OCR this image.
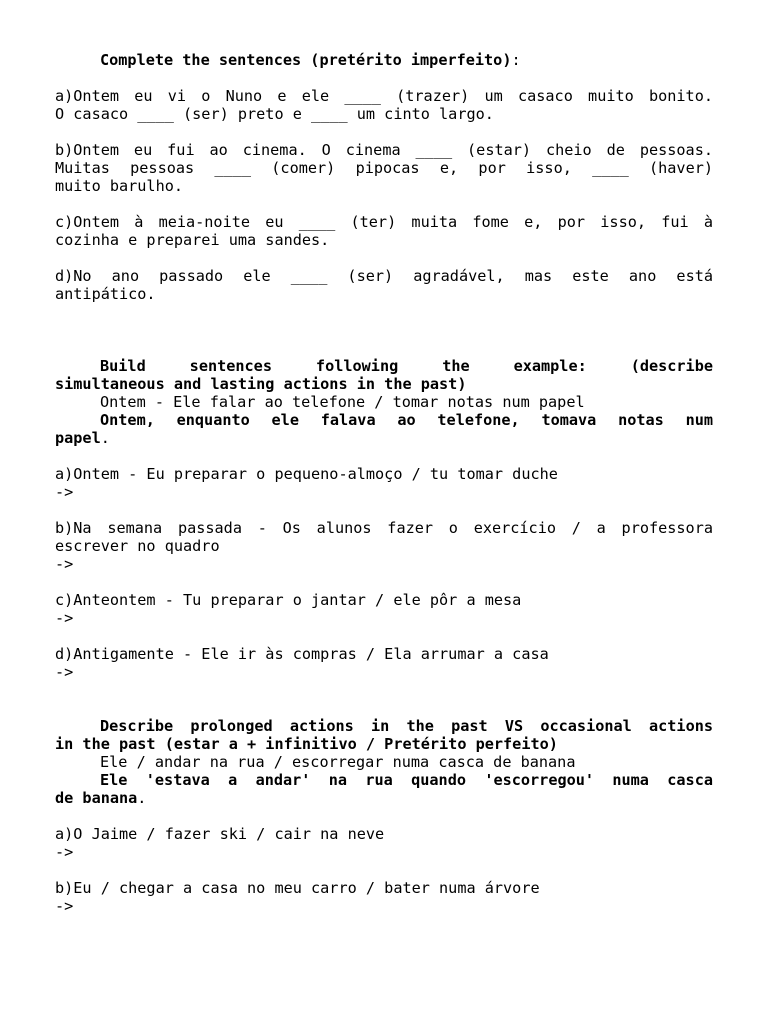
Complete the sentences (pretérito imperfeito):
a)Ontem eu vi o Nuno e ele ____ (trazer) um casaco muito bonito.
O casaco ____ (ser) preto e ____ um cinto largo.
b)Ontem eu fui ao cinema. O cinema ____ (estar) cheio de pessoas.
Muitas pessoas ____ (comer) pipocas e, por isso, ____ (haver)
muito barulho.
c)Ontem à meia-noite eu ____ (ter) muita fome e, por isso, fui à
cozinha e preparei uma sandes.
d)No ano passado ele ____ (ser) agradável, mas este ano está
antipático.
Build sentences following the example: (describe
simultaneous and lasting actions in the past)
Ontem - Ele falar ao telefone / tomar notas num papel
Ontem, enquanto ele falava ao telefone, tomava notas num
papel.
a)Ontem - Eu preparar o pequeno-almoço / tu tomar duche
->
b)Na semana passada - Os alunos fazer o exercício / a professora
escrever no quadro
->
c)Anteontem - Tu preparar o jantar / ele pôr a mesa
->
d)Antigamente - Ele ir às compras / Ela arrumar a casa
->
Describe prolonged actions in the past VS occasional actions
in the past (estar a + infinitivo / Pretérito perfeito)
Ele / andar na rua / escorregar numa casca de banana
Ele 'estava a andar' na rua quando 'escorregou' numa casca
de banana.
a)O Jaime / fazer ski / cair na neve
->
b)Eu / chegar a casa no meu carro / bater numa árvore
->
